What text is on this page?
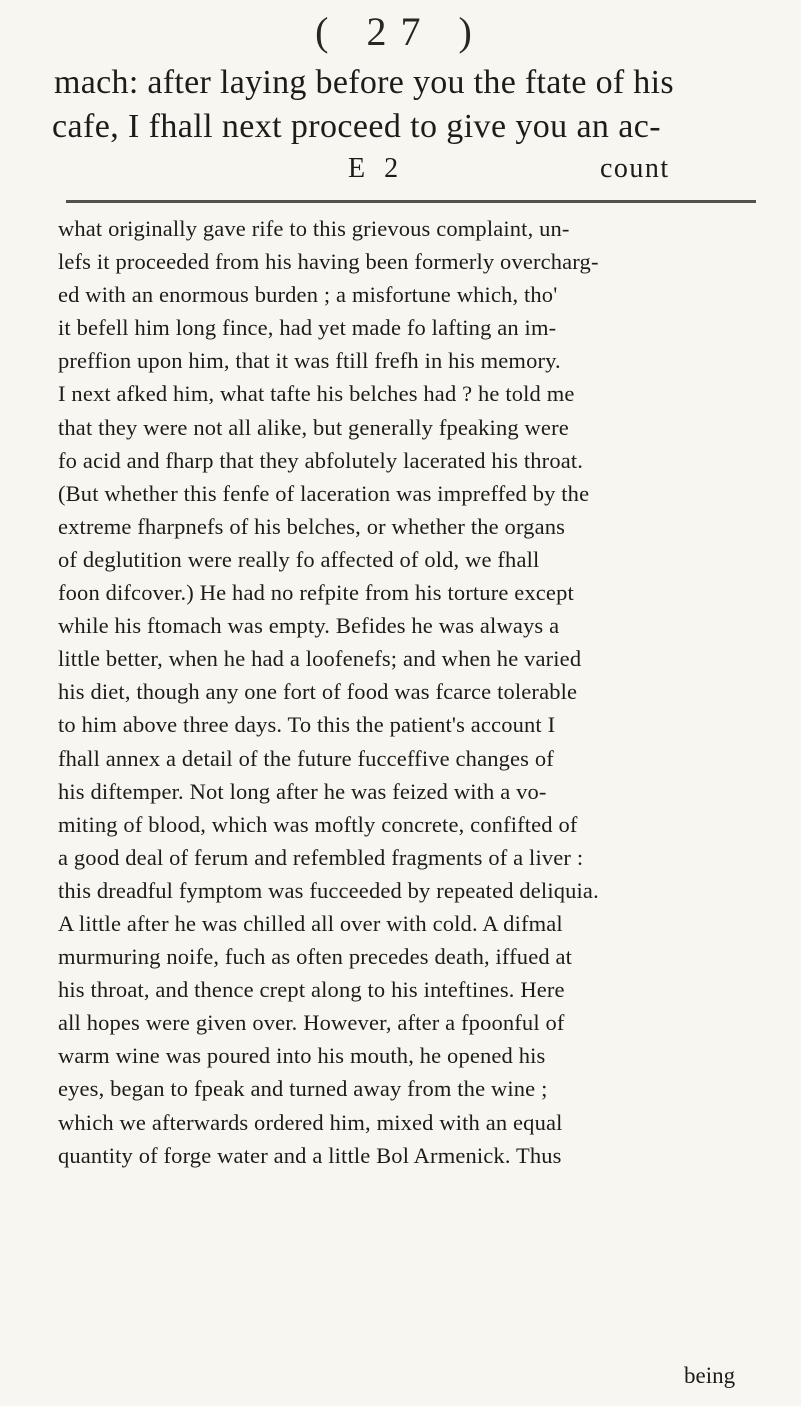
( 27 )
mach: after laying before you the ftate of his
cafe, I fhall next proceed to give you an ac-
E 2	count
what originally gave rife to this grievous complaint, un-
lefs it proceeded from his having been formerly overcharg-
ed with an enormous burden ; a misfortune which, tho'
it befell him long fince, had yet made fo lafting an im-
preffion upon him, that it was ftill frefh in his memory.
I next afked him, what tafte his belches had ? he told me
that they were not all alike, but generally fpeaking were
fo acid and fharp that they abfolutely lacerated his throat.
(But whether this fenfe of laceration was impreffed by the
extreme fharpnefs of his belches, or whether the organs
of deglutition were really fo affected of old, we fhall
foon difcover.) He had no refpite from his torture except
while his ftomach was empty. Befides he was always a
little better, when he had a loofenefs; and when he varied
his diet, though any one fort of food was fcarce tolerable
to him above three days. To this the patient's account I
fhall annex a detail of the future fucceffive changes of
his diftemper. Not long after he was feized with a vo-
miting of blood, which was moftly concrete, confifted of
a good deal of ferum and refembled fragments of a liver :
this dreadful fymptom was fucceeded by repeated deliquia.
A little after he was chilled all over with cold. A difmal
murmuring noife, fuch as often precedes death, iffued at
his throat, and thence crept along to his inteftines. Here
all hopes were given over. However, after a fpoonful of
warm wine was poured into his mouth, he opened his
eyes, began to fpeak and turned away from the wine ;
which we afterwards ordered him, mixed with an equal
quantity of forge water and a little Bol Armenick. Thus
being
